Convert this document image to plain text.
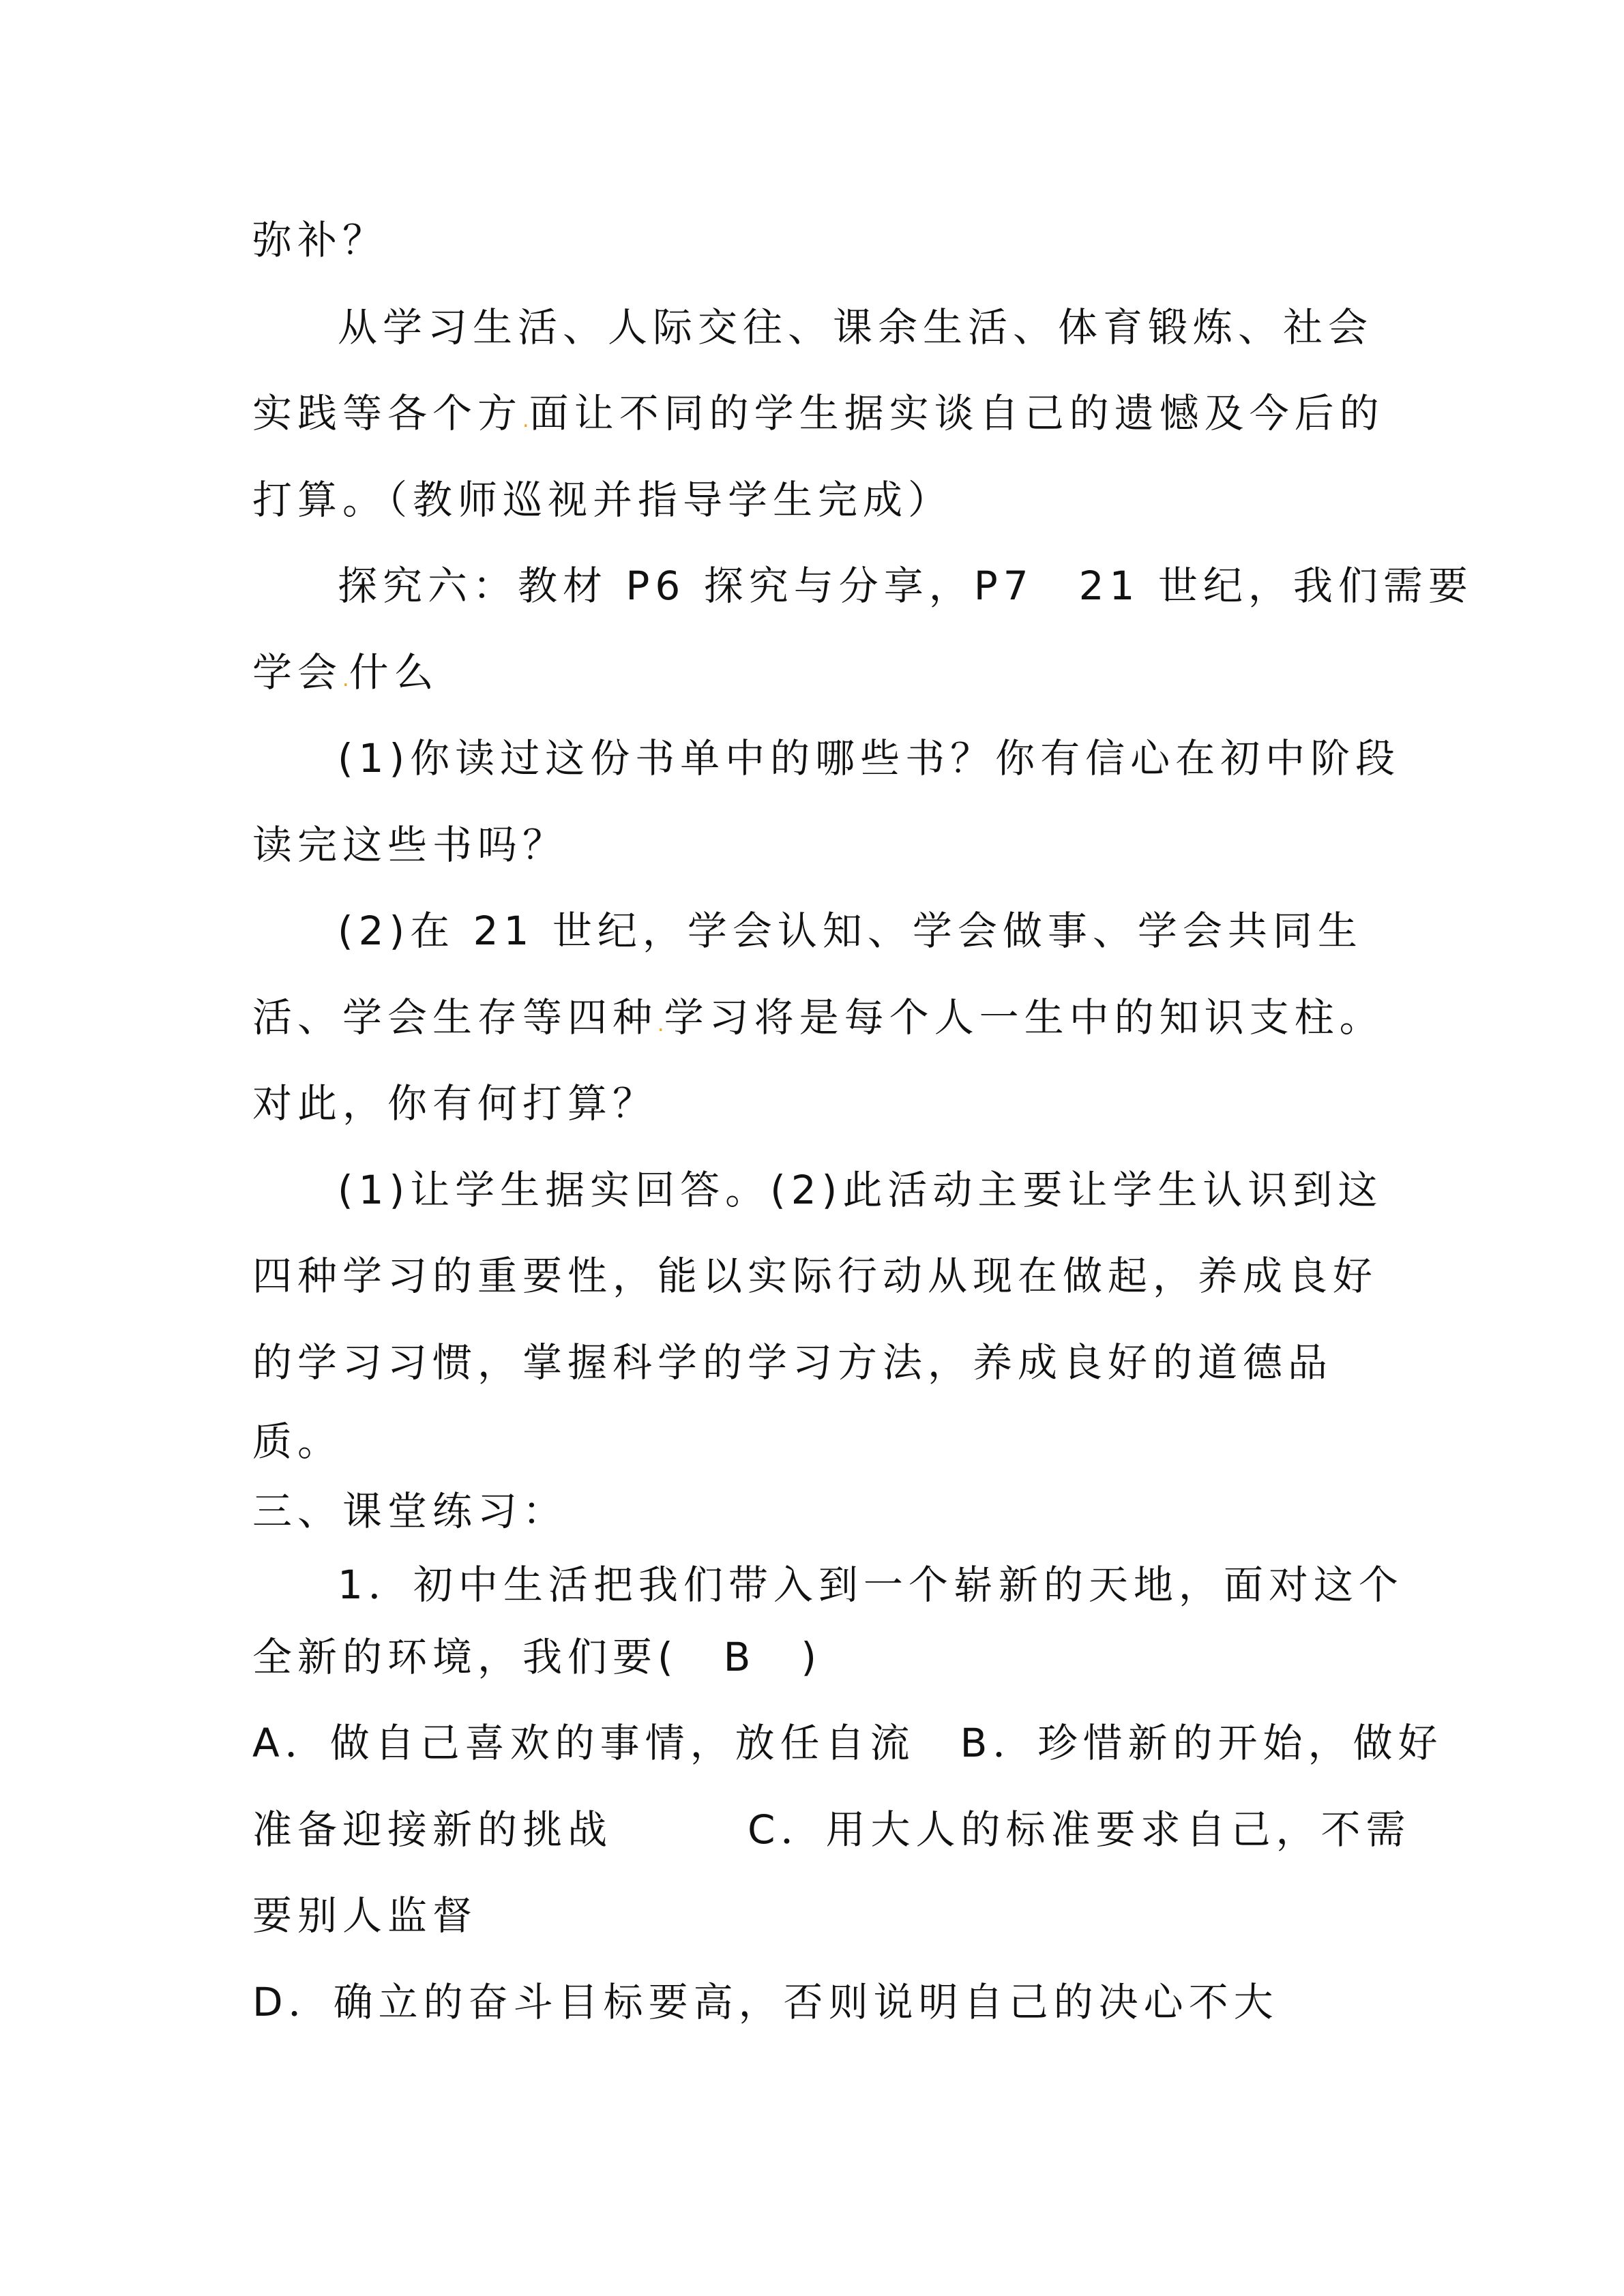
弥补？
从学习生活、人际交往、课余生活、体育锻炼、社会
实践等各个方.面让不同的学生据实谈自己的遗憾及今后的
打算。（教师巡视并指导学生完成）
探究六：教材 P6 探究与分享，P7　21 世纪，我们需要
学会.什么
(1)你读过这份书单中的哪些书？你有信心在初中阶段
读完这些书吗？
(2)在 21 世纪，学会认知、学会做事、学会共同生
活、学会生存等四种.学习将是每个人一生中的知识支柱。
对此，你有何打算？
(1)让学生据实回答。(2)此活动主要让学生认识到这
四种学习的重要性，能以实际行动从现在做起，养成良好
的学习习惯，掌握科学的学习方法，养成良好的道德品
质。
三、课堂练习：
1．初中生活把我们带入到一个崭新的天地，面对这个
全新的环境，我们要(　B　)
A．做自己喜欢的事情，放任自流　B．珍惜新的开始，做好
准备迎接新的挑战　　　C．用大人的标准要求自己，不需
要别人监督
D．确立的奋斗目标要高，否则说明自己的决心不大
